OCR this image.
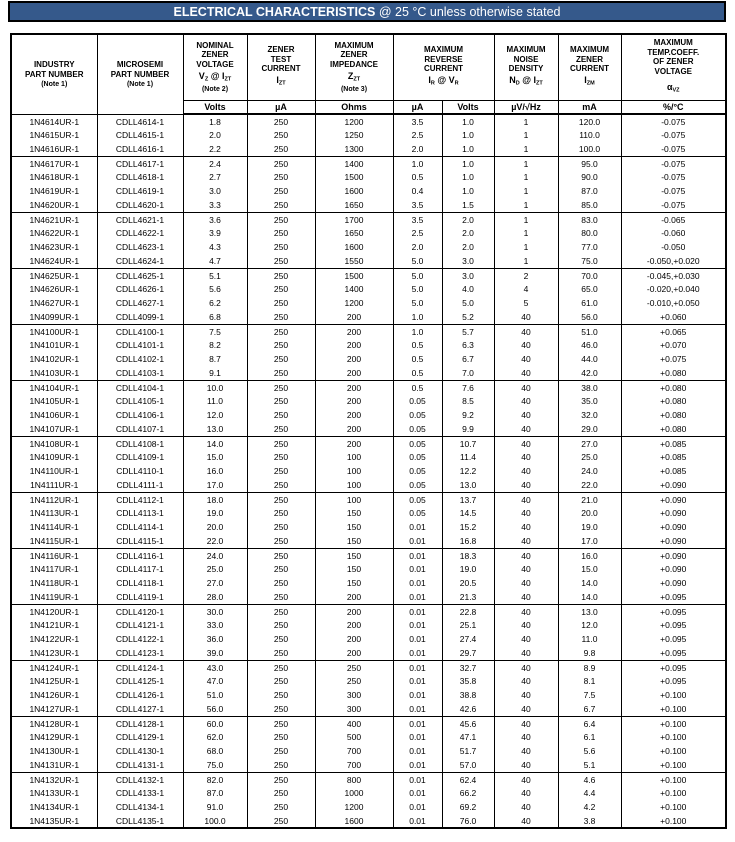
ELECTRICAL CHARACTERISTICS @ 25 °C unless otherwise stated
INDUSTRY
PART NUMBER
(Note 1)

MICROSEMI
PART NUMBER
(Note 1)

NOMINAL
ZENER
VOLTAGE
$V_Z$ @ $I_{ZT}$
(Note 2)

ZENER
TEST
CURRENT
$I_{ZT}$

MAXIMUM
ZENER
IMPEDANCE
$Z_{ZT}$
(Note 3)

MAXIMUM
REVERSE
CURRENT
$I_R$ @ $V_R$

MAXIMUM
NOISE
DENSITY
$N_D$ @ $I_{ZT}$

MAXIMUM
ZENER
CURRENT
$I_{ZM}$

MAXIMUM
TEMP.COEFF.
OF ZENER
VOLTAGE
$\alpha_{VZ}$

		Volts	µA	Ohms	µA	Volts	µV/√Hz	mA	%/°C
1N4614UR-1	CDLL4614-1	1.8	250	1200	3.5	1.0	1	120.0	-0.075
1N4615UR-1	CDLL4615-1	2.0	250	1250	2.5	1.0	1	110.0	-0.075
1N4616UR-1	CDLL4616-1	2.2	250	1300	2.0	1.0	1	100.0	-0.075
1N4617UR-1	CDLL4617-1	2.4	250	1400	1.0	1.0	1	95.0	-0.075
1N4618UR-1	CDLL4618-1	2.7	250	1500	0.5	1.0	1	90.0	-0.075
1N4619UR-1	CDLL4619-1	3.0	250	1600	0.4	1.0	1	87.0	-0.075
1N4620UR-1	CDLL4620-1	3.3	250	1650	3.5	1.5	1	85.0	-0.075
1N4621UR-1	CDLL4621-1	3.6	250	1700	3.5	2.0	1	83.0	-0.065
1N4622UR-1	CDLL4622-1	3.9	250	1650	2.5	2.0	1	80.0	-0.060
1N4623UR-1	CDLL4623-1	4.3	250	1600	2.0	2.0	1	77.0	-0.050
1N4624UR-1	CDLL4624-1	4.7	250	1550	5.0	3.0	1	75.0	-0.050,+0.020
1N4625UR-1	CDLL4625-1	5.1	250	1500	5.0	3.0	2	70.0	-0.045,+0.030
1N4626UR-1	CDLL4626-1	5.6	250	1400	5.0	4.0	4	65.0	-0.020,+0.040
1N4627UR-1	CDLL4627-1	6.2	250	1200	5.0	5.0	5	61.0	-0.010,+0.050
1N4099UR-1	CDLL4099-1	6.8	250	200	1.0	5.2	40	56.0	+0.060
1N4100UR-1	CDLL4100-1	7.5	250	200	1.0	5.7	40	51.0	+0.065
1N4101UR-1	CDLL4101-1	8.2	250	200	0.5	6.3	40	46.0	+0.070
1N4102UR-1	CDLL4102-1	8.7	250	200	0.5	6.7	40	44.0	+0.075
1N4103UR-1	CDLL4103-1	9.1	250	200	0.5	7.0	40	42.0	+0.080
1N4104UR-1	CDLL4104-1	10.0	250	200	0.5	7.6	40	38.0	+0.080
1N4105UR-1	CDLL4105-1	11.0	250	200	0.05	8.5	40	35.0	+0.080
1N4106UR-1	CDLL4106-1	12.0	250	200	0.05	9.2	40	32.0	+0.080
1N4107UR-1	CDLL4107-1	13.0	250	200	0.05	9.9	40	29.0	+0.080
1N4108UR-1	CDLL4108-1	14.0	250	200	0.05	10.7	40	27.0	+0.085
1N4109UR-1	CDLL4109-1	15.0	250	100	0.05	11.4	40	25.0	+0.085
1N4110UR-1	CDLL4110-1	16.0	250	100	0.05	12.2	40	24.0	+0.085
1N4111UR-1	CDLL4111-1	17.0	250	100	0.05	13.0	40	22.0	+0.090
1N4112UR-1	CDLL4112-1	18.0	250	100	0.05	13.7	40	21.0	+0.090
1N4113UR-1	CDLL4113-1	19.0	250	150	0.05	14.5	40	20.0	+0.090
1N4114UR-1	CDLL4114-1	20.0	250	150	0.01	15.2	40	19.0	+0.090
1N4115UR-1	CDLL4115-1	22.0	250	150	0.01	16.8	40	17.0	+0.090
1N4116UR-1	CDLL4116-1	24.0	250	150	0.01	18.3	40	16.0	+0.090
1N4117UR-1	CDLL4117-1	25.0	250	150	0.01	19.0	40	15.0	+0.090
1N4118UR-1	CDLL4118-1	27.0	250	150	0.01	20.5	40	14.0	+0.090
1N4119UR-1	CDLL4119-1	28.0	250	200	0.01	21.3	40	14.0	+0.095
1N4120UR-1	CDLL4120-1	30.0	250	200	0.01	22.8	40	13.0	+0.095
1N4121UR-1	CDLL4121-1	33.0	250	200	0.01	25.1	40	12.0	+0.095
1N4122UR-1	CDLL4122-1	36.0	250	200	0.01	27.4	40	11.0	+0.095
1N4123UR-1	CDLL4123-1	39.0	250	200	0.01	29.7	40	9.8	+0.095
1N4124UR-1	CDLL4124-1	43.0	250	250	0.01	32.7	40	8.9	+0.095
1N4125UR-1	CDLL4125-1	47.0	250	250	0.01	35.8	40	8.1	+0.095
1N4126UR-1	CDLL4126-1	51.0	250	300	0.01	38.8	40	7.5	+0.100
1N4127UR-1	CDLL4127-1	56.0	250	300	0.01	42.6	40	6.7	+0.100
1N4128UR-1	CDLL4128-1	60.0	250	400	0.01	45.6	40	6.4	+0.100
1N4129UR-1	CDLL4129-1	62.0	250	500	0.01	47.1	40	6.1	+0.100
1N4130UR-1	CDLL4130-1	68.0	250	700	0.01	51.7	40	5.6	+0.100
1N4131UR-1	CDLL4131-1	75.0	250	700	0.01	57.0	40	5.1	+0.100
1N4132UR-1	CDLL4132-1	82.0	250	800	0.01	62.4	40	4.6	+0.100
1N4133UR-1	CDLL4133-1	87.0	250	1000	0.01	66.2	40	4.4	+0.100
1N4134UR-1	CDLL4134-1	91.0	250	1200	0.01	69.2	40	4.2	+0.100
1N4135UR-1	CDLL4135-1	100.0	250	1600	0.01	76.0	40	3.8	+0.100
